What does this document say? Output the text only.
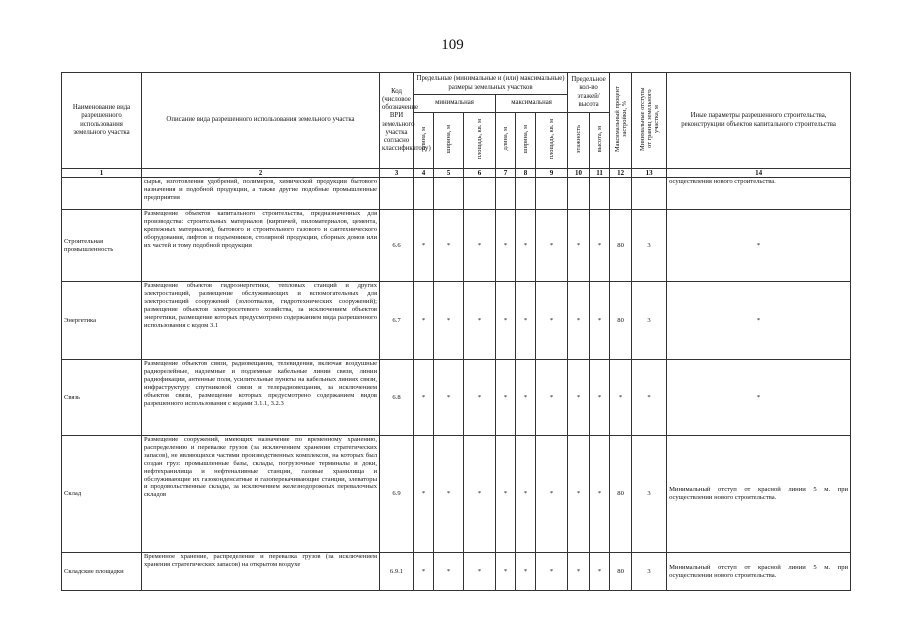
109
Наименование вида разрешенного использования земельного участка	Описание вида разрешенного использования земельного участка	Код (числовое обозначение ВРИ земельного участка согласно классификатору)	Предельные (минимальные и (или) максимальные) размеры земельных участков						Предельное кол-во этажей/ высота		Максимальный процент застройки, %	Минимальные отступы от границ земельного участка, м	Иные параметры разрешенного строительства, реконструкции объектов капитального строительства
			минимальная			максимальная							
			длина, м	ширина, м	площадь, кв. м	длина, м	ширина, м	площадь, кв. м	этажность	высота, м			
1	2	3	4	5	6	7	8	9	10	11	12	13	14
	сырья, изготовления удобрений, полимеров, химической продукции бытового назначения и подобной продукции, а также другие подобные промышленные предприятия												осуществления нового строительства.
Строительная промышленность	Размещение объектов капитального строительства, предназначенных для производства: строительных материалов (кирпичей, пиломатериалов, цемента, крепежных материалов), бытового и строительного газового и сантехнического оборудования, лифтов и подъемников, столярной продукции, сборных домов или их частей и тому подобной продукции	6.6	*	*	*	*	*	*	*	*	80	3	*
Энергетика	Размещение объектов гидроэнергетики, тепловых станций и других электростанций, размещение обслуживающих и вспомогательных для электростанций сооружений (золоотвалов, гидротехнических сооружений); размещение объектов электросетевого хозяйства, за исключением объектов энергетики, размещение которых предусмотрено содержанием вида разрешенного использования с кодом 3.1	6.7	*	*	*	*	*	*	*	*	80	3	*
Связь	Размещение объектов связи, радиовещания, телевидения, включая воздушные радиорелейные, надземные и подземные кабельные линии связи, линии радиофикации, антенные поля, усилительные пункты на кабельных линиях связи, инфраструктуру спутниковой связи и телерадиовещания, за исключением объектов связи, размещение которых предусмотрено содержанием видов разрешенного использования с кодами 3.1.1, 3.2.3	6.8	*	*	*	*	*	*	*	*	*	*	*
Склад	Размещение сооружений, имеющих назначение по временному хранению, распределению и перевалке грузов (за исключением хранения стратегических запасов), не являющихся частями производственных комплексов, на которых был создан груз: промышленные базы, склады, погрузочные терминалы и доки, нефтехранилища и нефтеналивные станции, газовые хранилища и обслуживающие их газоконденсатные и газоперекачивающие станции, элеваторы и продовольственные склады, за исключением железнодорожных перевалочных складов	6.9	*	*	*	*	*	*	*	*	80	3	Минимальный отступ от красной линии 5 м. при осуществлении нового строительства.
Складские площадки	Временное хранение, распределение и перевалка грузов (за исключением хранения стратегических запасов) на открытом воздухе	6.9.1	*	*	*	*	*	*	*	*	80	3	Минимальный отступ от красной линии 5 м. при осуществлении нового строительства.
